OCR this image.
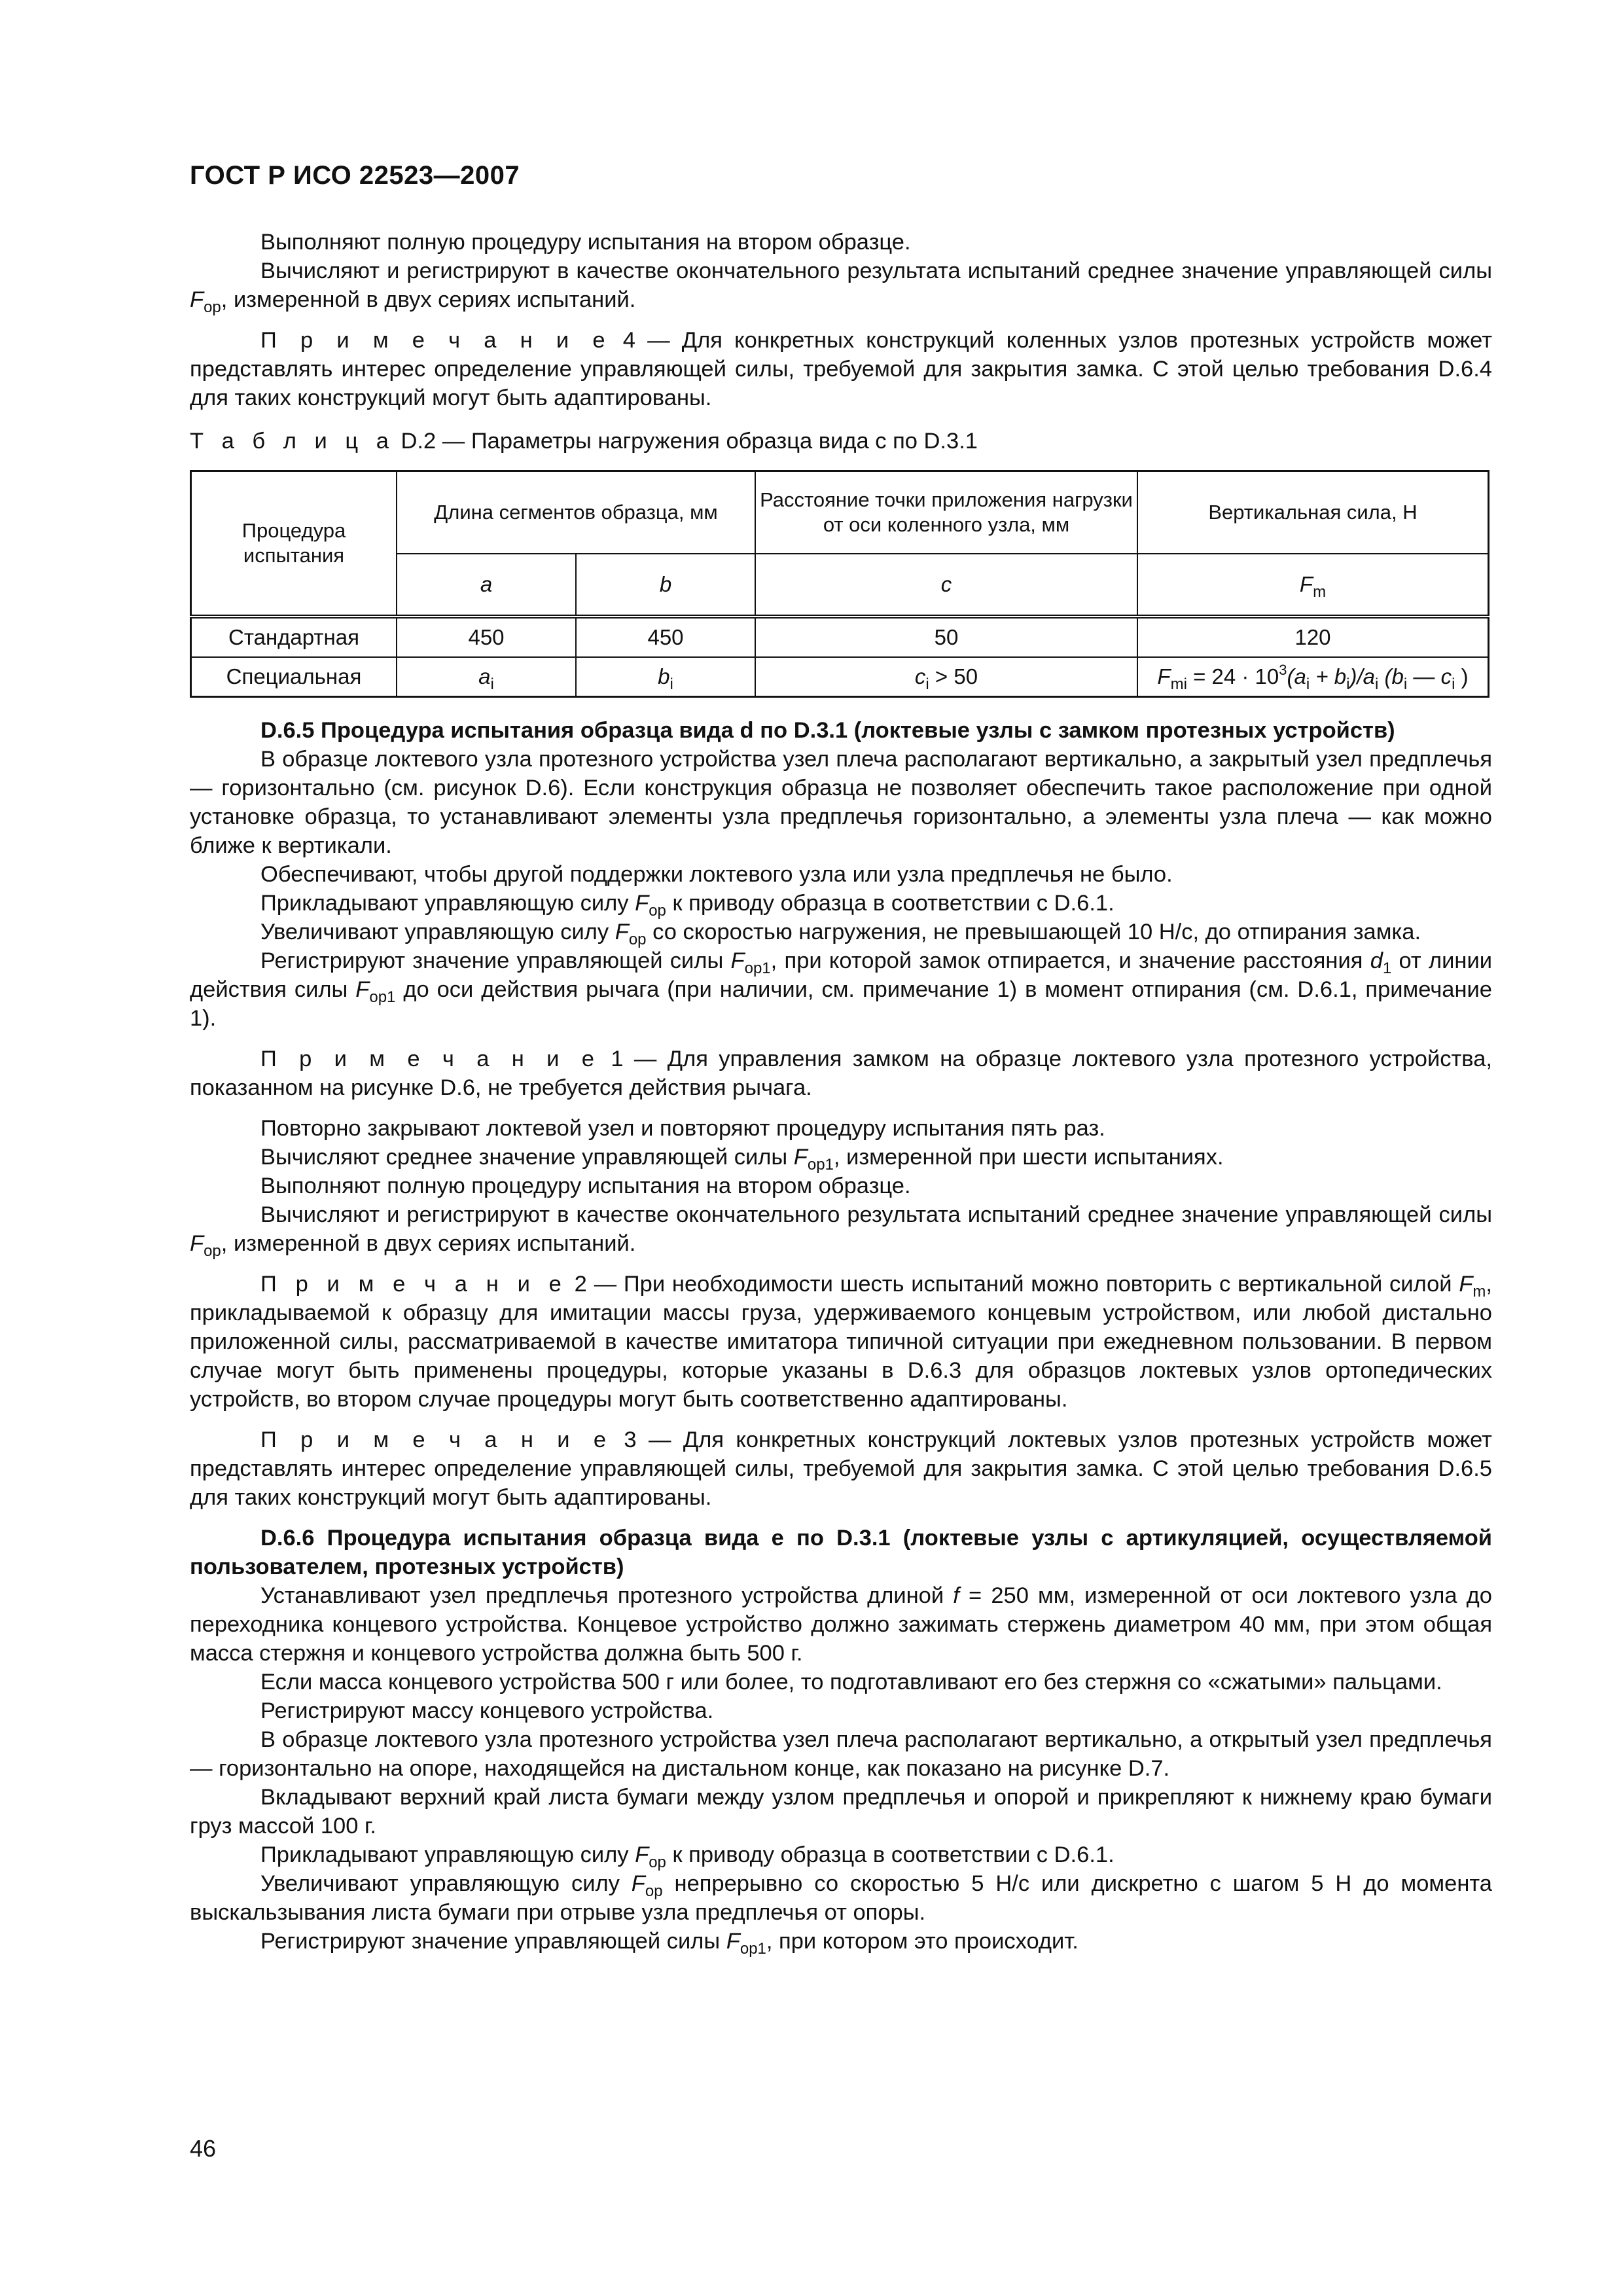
ГОСТ Р ИСО 22523—2007

Выполняют полную процедуру испытания на втором образце.

Вычисляют и регистрируют в качестве окончательного результата испытаний среднее значение управляющей силы $F_{op}$, измеренной в двух сериях испытаний.

П р и м е ч а н и е 4 — Для конкретных конструкций коленных узлов протезных устройств может представлять интерес определение управляющей силы, требуемой для закрытия замка. С этой целью требования D.6.4 для таких конструкций могут быть адаптированы.

Т а б л и ц а D.2 — Параметры нагружения образца вида с по D.3.1

Процедура испытания	Длина сегментов образца, мм		Расстояние точки приложения нагрузки от оси коленного узла, мм	Вертикальная сила, Н
	a	b	c	$F_m$
Стандартная	450	450	50	120
Специальная	$a_i$	$b_i$	$c_i > 50$	$F_{mi} = 24 \cdot 10^3(a_i + b_i)/a_i$ ($b_i$ — $c_i$ )

D.6.5 Процедура испытания образца вида d по D.3.1 (локтевые узлы с замком протезных устройств)

В образце локтевого узла протезного устройства узел плеча располагают вертикально, а закрытый узел предплечья — горизонтально (см. рисунок D.6). Если конструкция образца не позволяет обеспечить такое расположение при одной установке образца, то устанавливают элементы узла предплечья горизонтально, а элементы узла плеча — как можно ближе к вертикали.

Обеспечивают, чтобы другой поддержки локтевого узла или узла предплечья не было.

Прикладывают управляющую силу $F_{op}$ к приводу образца в соответствии с D.6.1.

Увеличивают управляющую силу $F_{op}$ со скоростью нагружения, не превышающей 10 Н/с, до отпирания замка.

Регистрируют значение управляющей силы $F_{op1}$, при которой замок отпирается, и значение расстояния $d_1$ от линии действия силы $F_{op1}$ до оси действия рычага (при наличии, см. примечание 1) в момент отпирания (см. D.6.1, примечание 1).

П р и м е ч а н и е 1 — Для управления замком на образце локтевого узла протезного устройства, показанном на рисунке D.6, не требуется действия рычага.

Повторно закрывают локтевой узел и повторяют процедуру испытания пять раз.

Вычисляют среднее значение управляющей силы $F_{op1}$, измеренной при шести испытаниях.

Выполняют полную процедуру испытания на втором образце.

Вычисляют и регистрируют в качестве окончательного результата испытаний среднее значение управляющей силы $F_{op}$, измеренной в двух сериях испытаний.

П р и м е ч а н и е 2 — При необходимости шесть испытаний можно повторить с вертикальной силой $F_m$, прикладываемой к образцу для имитации массы груза, удерживаемого концевым устройством, или любой дистально приложенной силы, рассматриваемой в качестве имитатора типичной ситуации при ежедневном пользовании. В первом случае могут быть применены процедуры, которые указаны в D.6.3 для образцов локтевых узлов ортопедических устройств, во втором случае процедуры могут быть соответственно адаптированы.

П р и м е ч а н и е 3 — Для конкретных конструкций локтевых узлов протезных устройств может представлять интерес определение управляющей силы, требуемой для закрытия замка. С этой целью требования D.6.5 для таких конструкций могут быть адаптированы.

D.6.6 Процедура испытания образца вида е по D.3.1 (локтевые узлы с артикуляцией, осуществляемой пользователем, протезных устройств)

Устанавливают узел предплечья протезного устройства длиной f = 250 мм, измеренной от оси локтевого узла до переходника концевого устройства. Концевое устройство должно зажимать стержень диаметром 40 мм, при этом общая масса стержня и концевого устройства должна быть 500 г.

Если масса концевого устройства 500 г или более, то подготавливают его без стержня со «сжатыми» пальцами.

Регистрируют массу концевого устройства.

В образце локтевого узла протезного устройства узел плеча располагают вертикально, а открытый узел предплечья — горизонтально на опоре, находящейся на дистальном конце, как показано на рисунке D.7.

Вкладывают верхний край листа бумаги между узлом предплечья и опорой и прикрепляют к нижнему краю бумаги груз массой 100 г.

Прикладывают управляющую силу $F_{op}$ к приводу образца в соответствии с D.6.1.

Увеличивают управляющую силу $F_{op}$ непрерывно со скоростью 5 Н/с или дискретно с шагом 5 Н до момента выскальзывания листа бумаги при отрыве узла предплечья от опоры.

Регистрируют значение управляющей силы $F_{op1}$, при котором это происходит.

46
